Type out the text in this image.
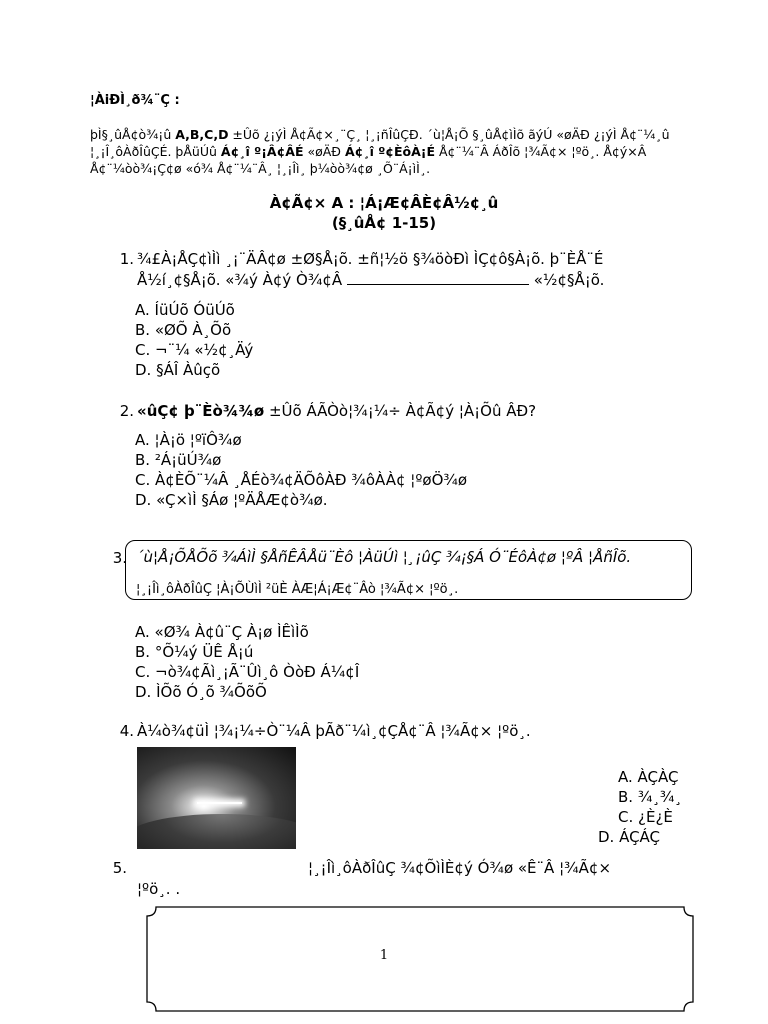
¦ÀiÐÌ¸ð¾¨Ç :
þÌ§¸ûÅ¢ò¾¡û A,B,C,D ±Ûõ ¿¡ýÌ Å¢Ã¢×¸¨Ç¸ ¦¸¡ñÎûÇÐ. ´ù¦Å¡Õ §¸ûÅ¢ìÌõ ãýÚ «øÄÐ ¿¡ýÌ Å¢¨¼¸û ¦¸¡Î¸ôÀðÎûÇÉ. þÅüÚû Á¢¸î º¡Â¢ÂÉ «øÄÐ Á¢¸î º¢ÈôÀ¡É Å¢¨¼¨Â ÁðÎõ ¦¾Ã¢× ¦ºö¸. Å¢ý×Â Å¢¨¼òò¾¡Ç¢ø «ó¾ Å¢¨¼¨Â¸ ¦¸¡Îì¸ þ¼òò¾¢ø ¸Õ¨Á¡ìÌ¸.
À¢Ã¢× A : ¦Á¡Æ¢ÂÈ¢Â½¢¸û
(§¸ûÅ¢ 1-15)
1. ¾£À¡ÅÇ¢ìÌì ¸¡¨ÄÂ¢ø ±Ø§Å¡õ. ±ñ¦½ö §¾öòÐì ÌÇ¢ô§À¡õ. þ¨ÈÅ¨É
Å½í¸¢§Å¡õ. «¾ý À¢ý Ò¾¢Â	«½¢§Å¡õ.
A. ÍüÚõ ÓüÚõ
B. «ØÕ À¸Õõ
C. ¬¨¼ «½¢¸Äý
D. §ÁÎ Àûçõ
2. «ûÇ¢ þ¨Èò¾¾ø ±Ûõ ÁÃÒò¦¾¡¼÷ À¢Ã¢ý ¦À¡Õû ÂÐ?
A. ¦À¡ö ¦ºïÔ¾ø
B. ²Á¡üÚ¾ø
C. À¢ÈÕ¨¼Â ¸ÅÉò¾¢ÄÕôÀÐ ¾ôÀÀ¢ ¦ºøÖ¾ø
D. «Ç×ìÌ §Áø ¦ºÄÅÆ¢ò¾ø.
3. ´ù¦Å¡ÕÅÕõ ¾ÁìÌ §ÅñÊÂÅü¨Èô ¦ÀüÚì ¦¸¡ûÇ ¾¡§Á Ó¨ÉôÀ¢ø ¦ºÂ ¦ÅñÎõ.
¦¸¡Îì¸ôÀðÎûÇ ¦À¡ÕÙìÌ ²üÈ ÀÆ¦Á¡Æ¢¨Âò ¦¾Ã¢× ¦ºö¸.
A. «Ø¾ À¢û¨Ç À¡ø ÌÊìÌõ
B. °Õ¼ý ÜÊ Å¡ú
C. ¬ò¾¢Ãì¸¡Ã¨Ûì¸ô ÒòÐ Á¼¢Î
D. ÌÕõ Ó¸õ ¾ÕõÕ
4. À¼ò¾¢üÌ ¦¾¡¼÷Ò¨¼Â þÃð¨¼ì¸¢ÇÅ¢¨Â ¦¾Ã¢× ¦ºö¸.
A. ÀÇÀÇ
B. ¾¸¾¸
C. ¿È¿È
D. ÁÇÁÇ
5.	¦¸¡Îì¸ôÀðÎûÇ ¾¢ÕìÌÈ¢ý Ó¾ø «Ê¨Â ¦¾Ã¢×
¦ºö¸. .
1
